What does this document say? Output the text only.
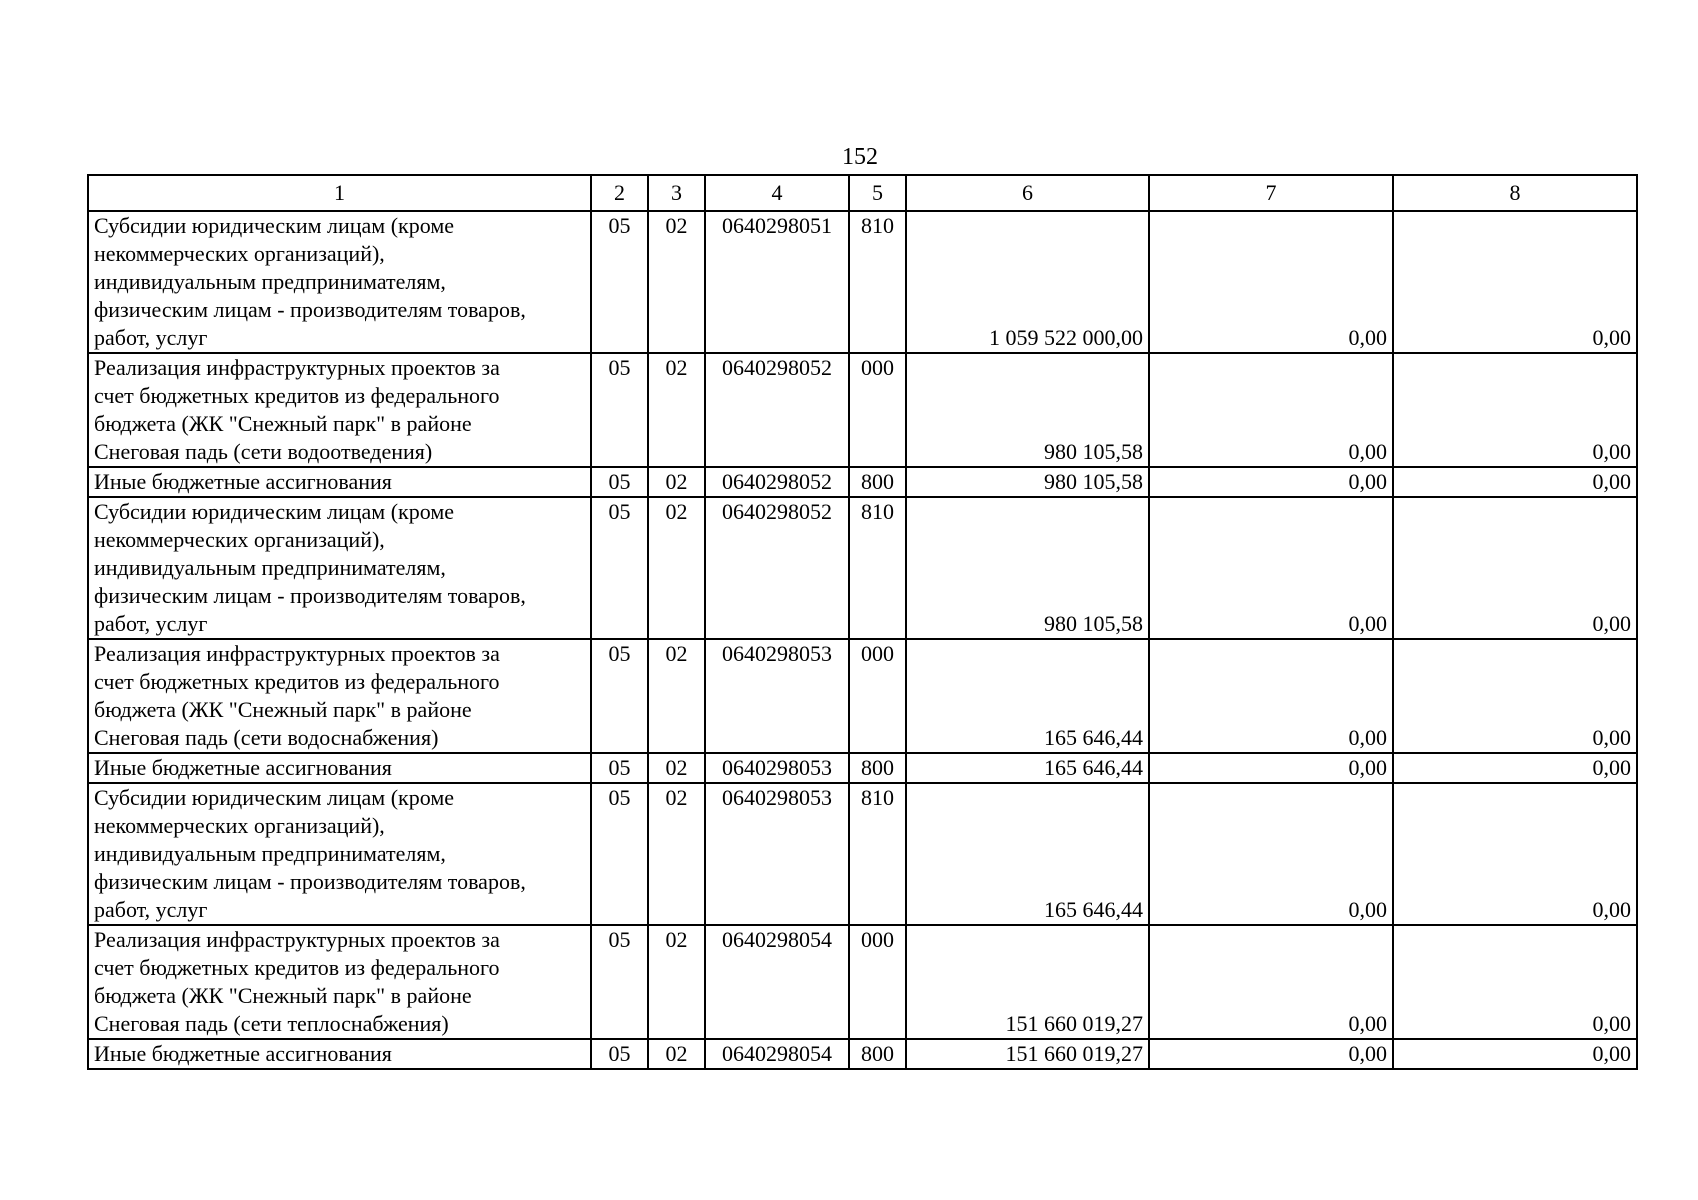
152
1	2	3	4	5	6	7	8

Субсидии юридическим лицам (кроме
некоммерческих организаций),
индивидуальным предпринимателям,
физическим лицам - производителям товаров,
работ, услуг	05	02	0640298051	810	1 059 522 000,00	0,00	0,00

Реализация инфраструктурных проектов за
счет бюджетных кредитов из федерального
бюджета (ЖК "Снежный парк" в районе
Снеговая падь (сети водоотведения)	05	02	0640298052	000	980 105,58	0,00	0,00

Иные бюджетные ассигнования	05	02	0640298052	800	980 105,58	0,00	0,00

Субсидии юридическим лицам (кроме
некоммерческих организаций),
индивидуальным предпринимателям,
физическим лицам - производителям товаров,
работ, услуг	05	02	0640298052	810	980 105,58	0,00	0,00

Реализация инфраструктурных проектов за
счет бюджетных кредитов из федерального
бюджета (ЖК "Снежный парк" в районе
Снеговая падь (сети водоснабжения)	05	02	0640298053	000	165 646,44	0,00	0,00

Иные бюджетные ассигнования	05	02	0640298053	800	165 646,44	0,00	0,00

Субсидии юридическим лицам (кроме
некоммерческих организаций),
индивидуальным предпринимателям,
физическим лицам - производителям товаров,
работ, услуг	05	02	0640298053	810	165 646,44	0,00	0,00

Реализация инфраструктурных проектов за
счет бюджетных кредитов из федерального
бюджета (ЖК "Снежный парк" в районе
Снеговая падь (сети теплоснабжения)	05	02	0640298054	000	151 660 019,27	0,00	0,00

Иные бюджетные ассигнования	05	02	0640298054	800	151 660 019,27	0,00	0,00
